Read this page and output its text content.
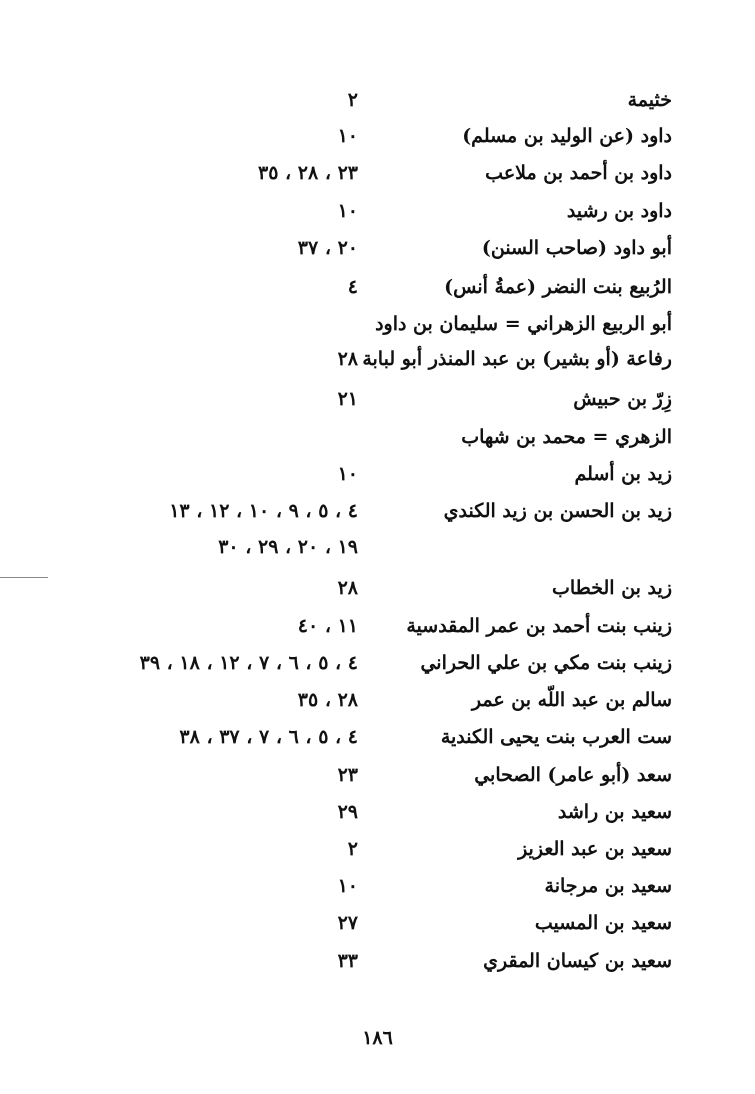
خثيمة
٢
داود (عن الوليد بن مسلم)
١٠
داود بن أحمد بن ملاعب
٢٣ ، ٢٨ ، ٣٥
داود بن رشيد
١٠
أبو داود (صاحب السنن)
٢٠ ، ٣٧
الرُبيع بنت النضر (عمةُ أنس)
٤
أبو الربيع الزهراني = سليمان بن داود
رفاعة (أو بشير) بن عبد المنذر أبو لبابة
٢٨
زِرّ بن حبيش
٢١
الزهري = محمد بن شهاب
زيد بن أسلم
١٠
زيد بن الحسن بن زيد الكندي
٤ ، ٥ ، ٩ ، ١٠ ، ١٢ ، ١٣
١٩ ، ٢٠ ، ٢٩ ، ٣٠
زيد بن الخطاب
٢٨
زينب بنت أحمد بن عمر المقدسية
١١ ، ٤٠
زينب بنت مكي بن علي الحراني
٤ ، ٥ ، ٦ ، ٧ ، ١٢ ، ١٨ ، ٣٩
سالم بن عبد اللّه بن عمر
٢٨ ، ٣٥
ست العرب بنت يحيى الكندية
٤ ، ٥ ، ٦ ، ٧ ، ٣٧ ، ٣٨
سعد (أبو عامر) الصحابي
٢٣
سعيد بن راشد
٢٩
سعيد بن عبد العزيز
٢
سعيد بن مرجانة
١٠
سعيد بن المسيب
٢٧
سعيد بن كيسان المقري
٣٣
١٨٦
